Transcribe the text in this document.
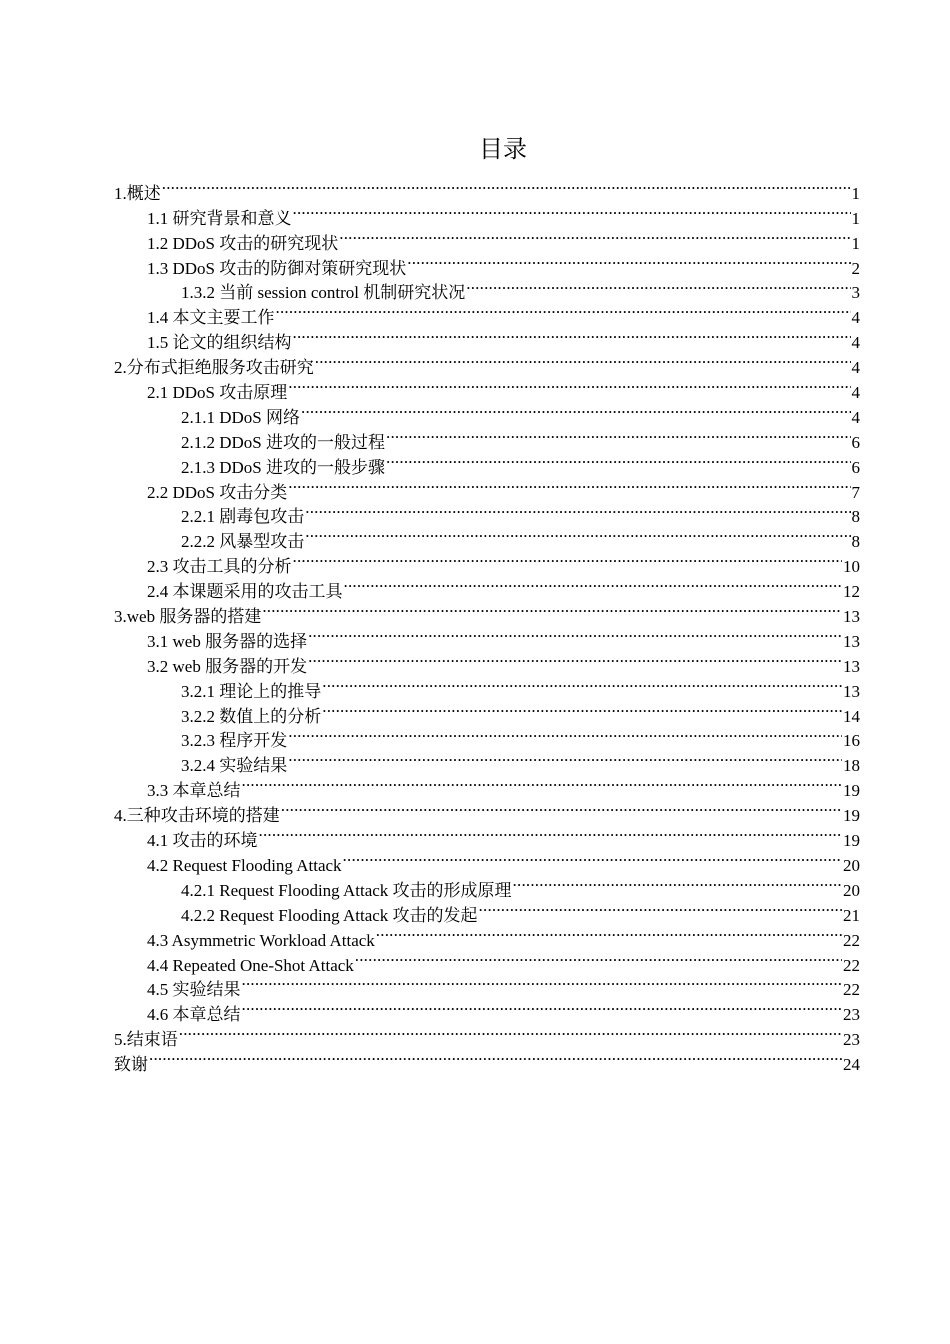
目录
1.概述 .....	1
1.1 研究背景和意义 .....	1
1.2 DDoS 攻击的研究现状 .....	1
1.3 DDoS 攻击的防御对策研究现状 .....	2
1.3.2 当前 session control 机制研究状况 .....	3
1.4 本文主要工作 .....	4
1.5 论文的组织结构 .....	4
2.分布式拒绝服务攻击研究 .....	4
2.1 DDoS 攻击原理 .....	4
2.1.1 DDoS 网络 .....	4
2.1.2 DDoS 进攻的一般过程 .....	6
2.1.3 DDoS 进攻的一般步骤 .....	6
2.2 DDoS 攻击分类 .....	7
2.2.1 剧毒包攻击 .....	8
2.2.2 风暴型攻击 .....	8
2.3 攻击工具的分析 .....	10
2.4 本课题采用的攻击工具 .....	12
3.web 服务器的搭建 .....	13
3.1 web 服务器的选择 .....	13
3.2 web 服务器的开发 .....	13
3.2.1 理论上的推导 .....	13
3.2.2 数值上的分析 .....	14
3.2.3 程序开发 .....	16
3.2.4 实验结果 .....	18
3.3 本章总结 .....	19
4.三种攻击环境的搭建 .....	19
4.1 攻击的环境 .....	19
4.2 Request Flooding Attack .....	20
4.2.1 Request Flooding Attack 攻击的形成原理 .....	20
4.2.2 Request Flooding Attack 攻击的发起 .....	21
4.3 Asymmetric Workload Attack .....	22
4.4 Repeated One-Shot Attack .....	22
4.5 实验结果 .....	22
4.6 本章总结 .....	23
5.结束语 .....	23
致谢 .....	24
